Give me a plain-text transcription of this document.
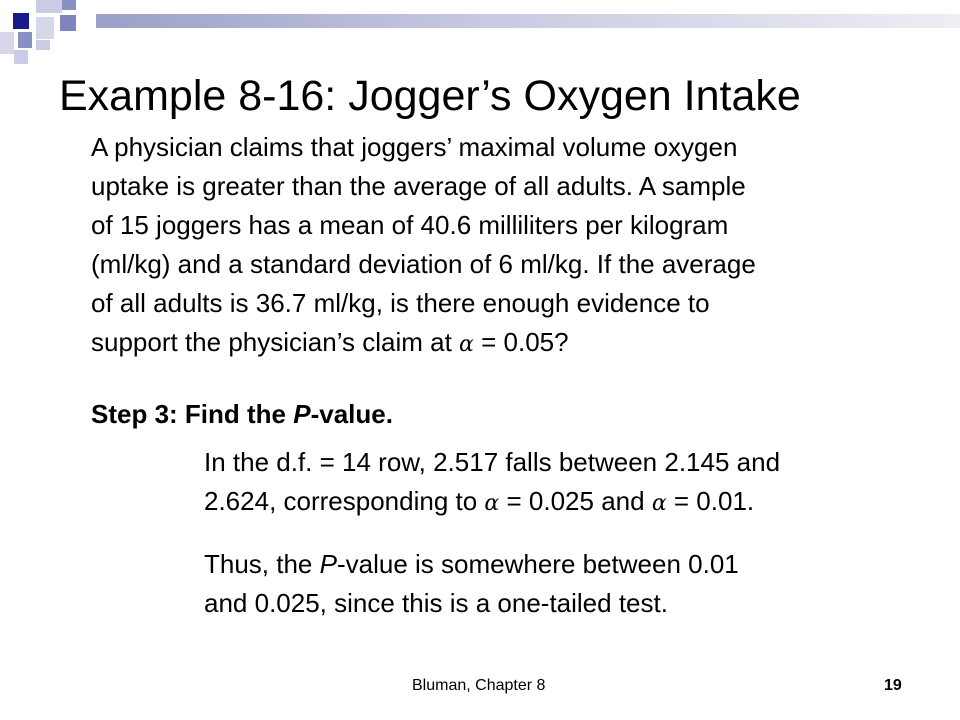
Example 8-16: Jogger’s Oxygen Intake
A physician claims that joggers’ maximal volume oxygen
uptake is greater than the average of all adults. A sample
of 15 joggers has a mean of 40.6 milliliters per kilogram
(ml/kg) and a standard deviation of 6 ml/kg. If the average
of all adults is 36.7 ml/kg, is there enough evidence to
support the physician’s claim at α = 0.05?
Step 3: Find the P-value.
In the d.f. = 14 row, 2.517 falls between 2.145 and
2.624, corresponding to α = 0.025 and α = 0.01.
Thus, the P-value is somewhere between 0.01
and 0.025, since this is a one-tailed test.
Bluman, Chapter 8	19
